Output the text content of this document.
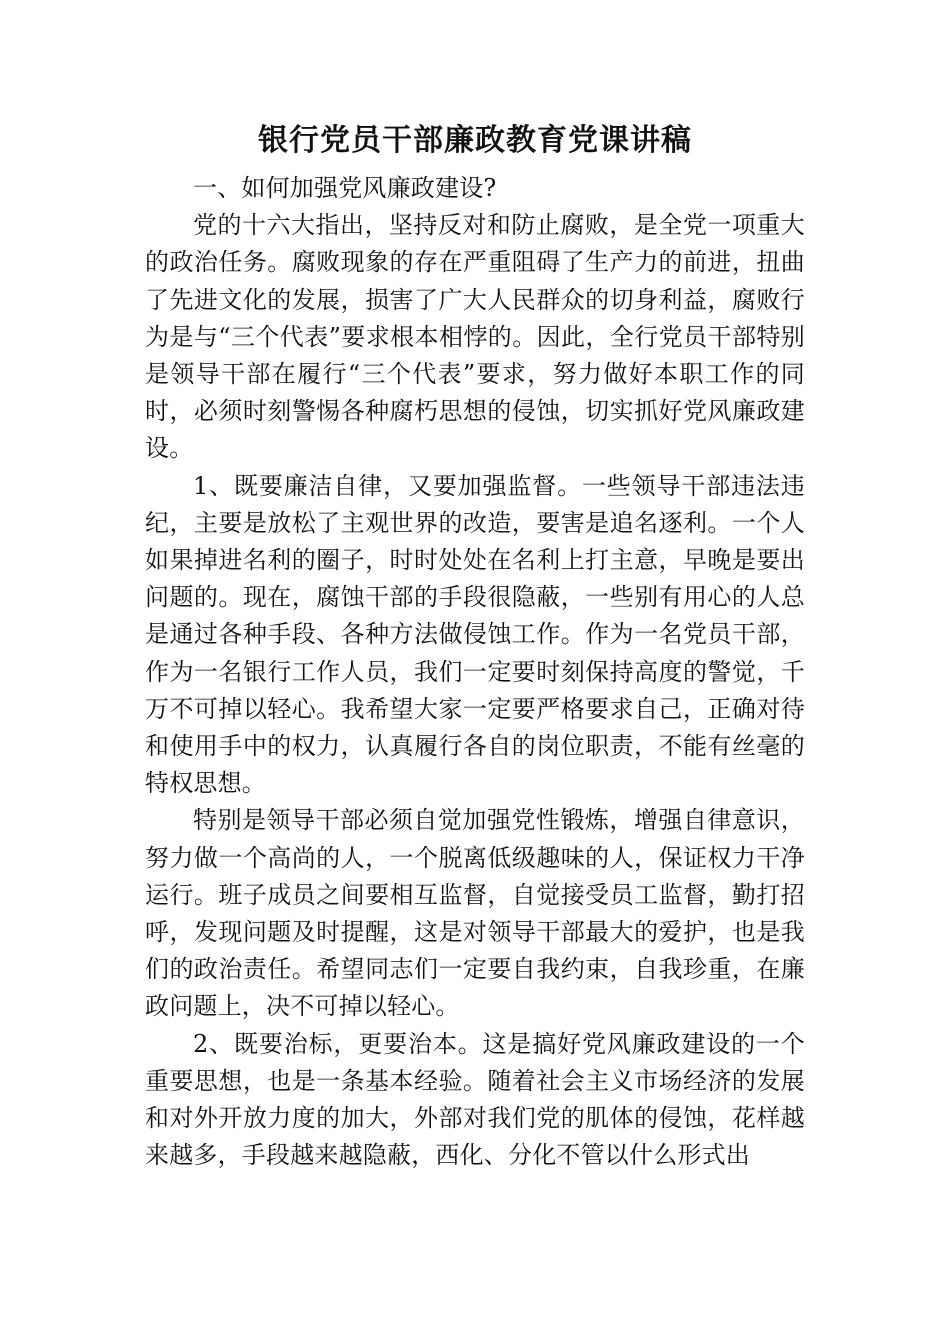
银行党员干部廉政教育党课讲稿

一、如何加强党风廉政建设?

党的十六大指出，坚持反对和防止腐败，是全党一项重大的政治任务。腐败现象的存在严重阻碍了生产力的前进，扭曲了先进文化的发展，损害了广大人民群众的切身利益，腐败行为是与“三个代表”要求根本相悖的。因此，全行党员干部特别是领导干部在履行“三个代表”要求，努力做好本职工作的同时，必须时刻警惕各种腐朽思想的侵蚀，切实抓好党风廉政建设。

1、既要廉洁自律，又要加强监督。一些领导干部违法违纪，主要是放松了主观世界的改造，要害是追名逐利。一个人如果掉进名利的圈子，时时处处在名利上打主意，早晚是要出问题的。现在，腐蚀干部的手段很隐蔽，一些别有用心的人总是通过各种手段、各种方法做侵蚀工作。作为一名党员干部，作为一名银行工作人员，我们一定要时刻保持高度的警觉，千万不可掉以轻心。我希望大家一定要严格要求自己，正确对待和使用手中的权力，认真履行各自的岗位职责，不能有丝毫的特权思想。

特别是领导干部必须自觉加强党性锻炼，增强自律意识，努力做一个高尚的人，一个脱离低级趣味的人，保证权力干净运行。班子成员之间要相互监督，自觉接受员工监督，勤打招呼，发现问题及时提醒，这是对领导干部最大的爱护，也是我们的政治责任。希望同志们一定要自我约束，自我珍重，在廉政问题上，决不可掉以轻心。

2、既要治标，更要治本。这是搞好党风廉政建设的一个重要思想，也是一条基本经验。随着社会主义市场经济的发展和对外开放力度的加大，外部对我们党的肌体的侵蚀，花样越来越多，手段越来越隐蔽，西化、分化不管以什么形式出
